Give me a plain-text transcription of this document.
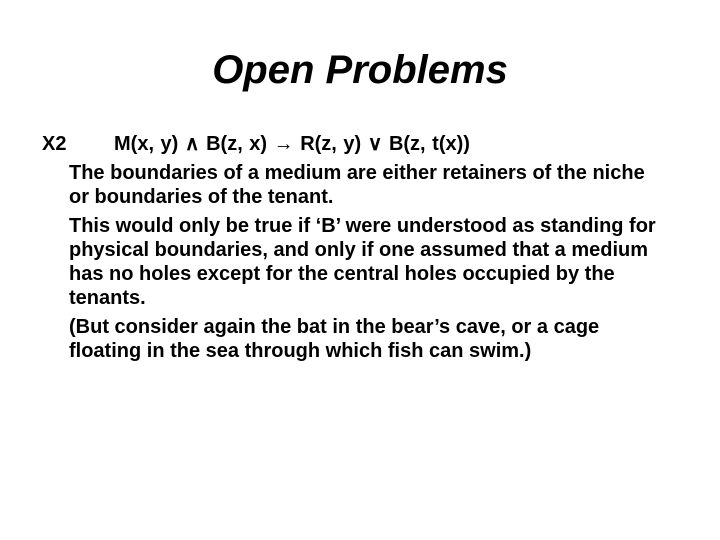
Open Problems
X2	M(x, y) ∧ B(z, x) → R(z, y) ∨ B(z, t(x))
The boundaries of a medium are either retainers of the niche or boundaries of the tenant.
This would only be true if ‘B’ were understood as standing for physical boundaries, and only if one assumed that a medium has no holes except for the central holes occupied by the tenants.
(But consider again the bat in the bear’s cave, or a cage floating in the sea through which fish can swim.)
